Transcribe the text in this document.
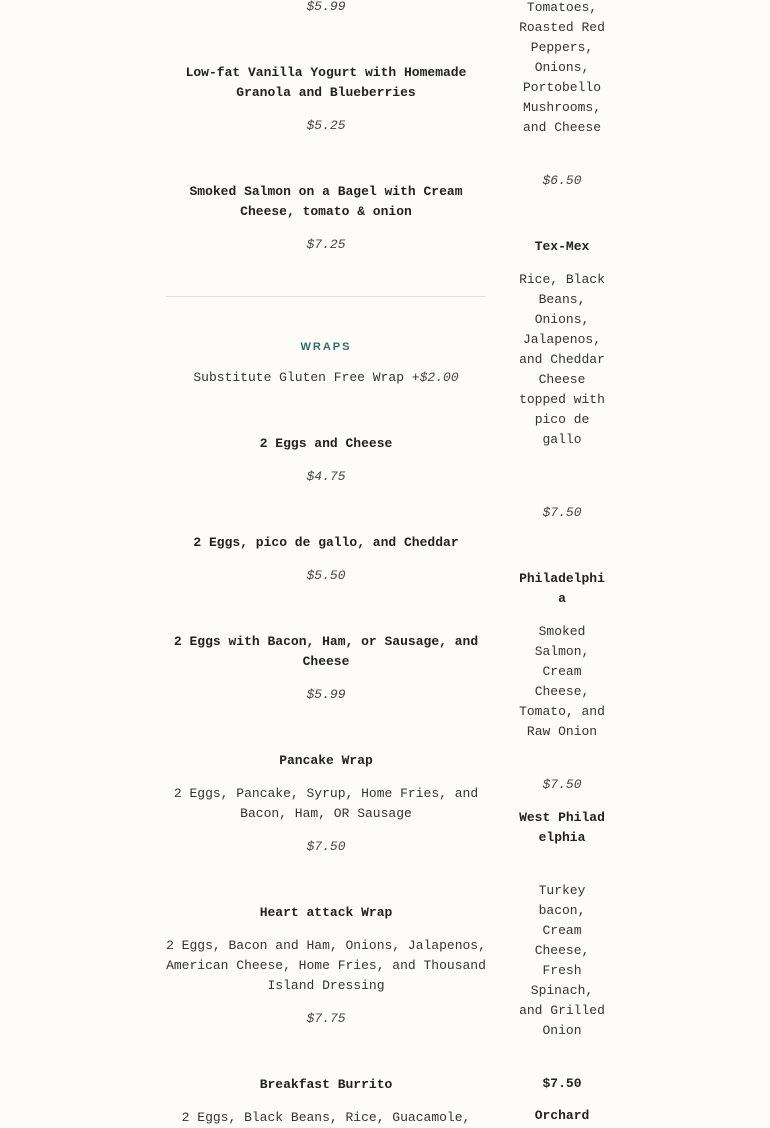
$5.99

Low-fat Vanilla Yogurt with Homemade Granola and Blueberries

$5.25

Smoked Salmon on a Bagel with Cream Cheese, tomato & onion

$7.25

WRAPS

Substitute Gluten Free Wrap +$2.00

2 Eggs and Cheese

$4.75

2 Eggs, pico de gallo, and Cheddar

$5.50

2 Eggs with Bacon, Ham, or Sausage, and Cheese

$5.99

Pancake Wrap

2 Eggs, Pancake, Syrup, Home Fries, and Bacon, Ham, OR Sausage

$7.50

Heart attack Wrap

2 Eggs, Bacon and Ham, Onions, Jalapenos, American Cheese, Home Fries, and Thousand Island Dressing

$7.75

Breakfast Burrito

2 Eggs, Black Beans, Rice, Guacamole,

Tomatoes, Roasted Red Peppers, Onions, Portobello Mushrooms, and Cheese

$6.50

Tex-Mex

Rice, Black Beans, Onions, Jalapenos, and Cheddar Cheese topped with pico de gallo

$7.50

Philadelphia

Smoked Salmon, Cream Cheese, Tomato, and Raw Onion

$7.50

West Philadelphia

Turkey bacon, Cream Cheese, Fresh Spinach, and Grilled Onion

$7.50

Orchard
